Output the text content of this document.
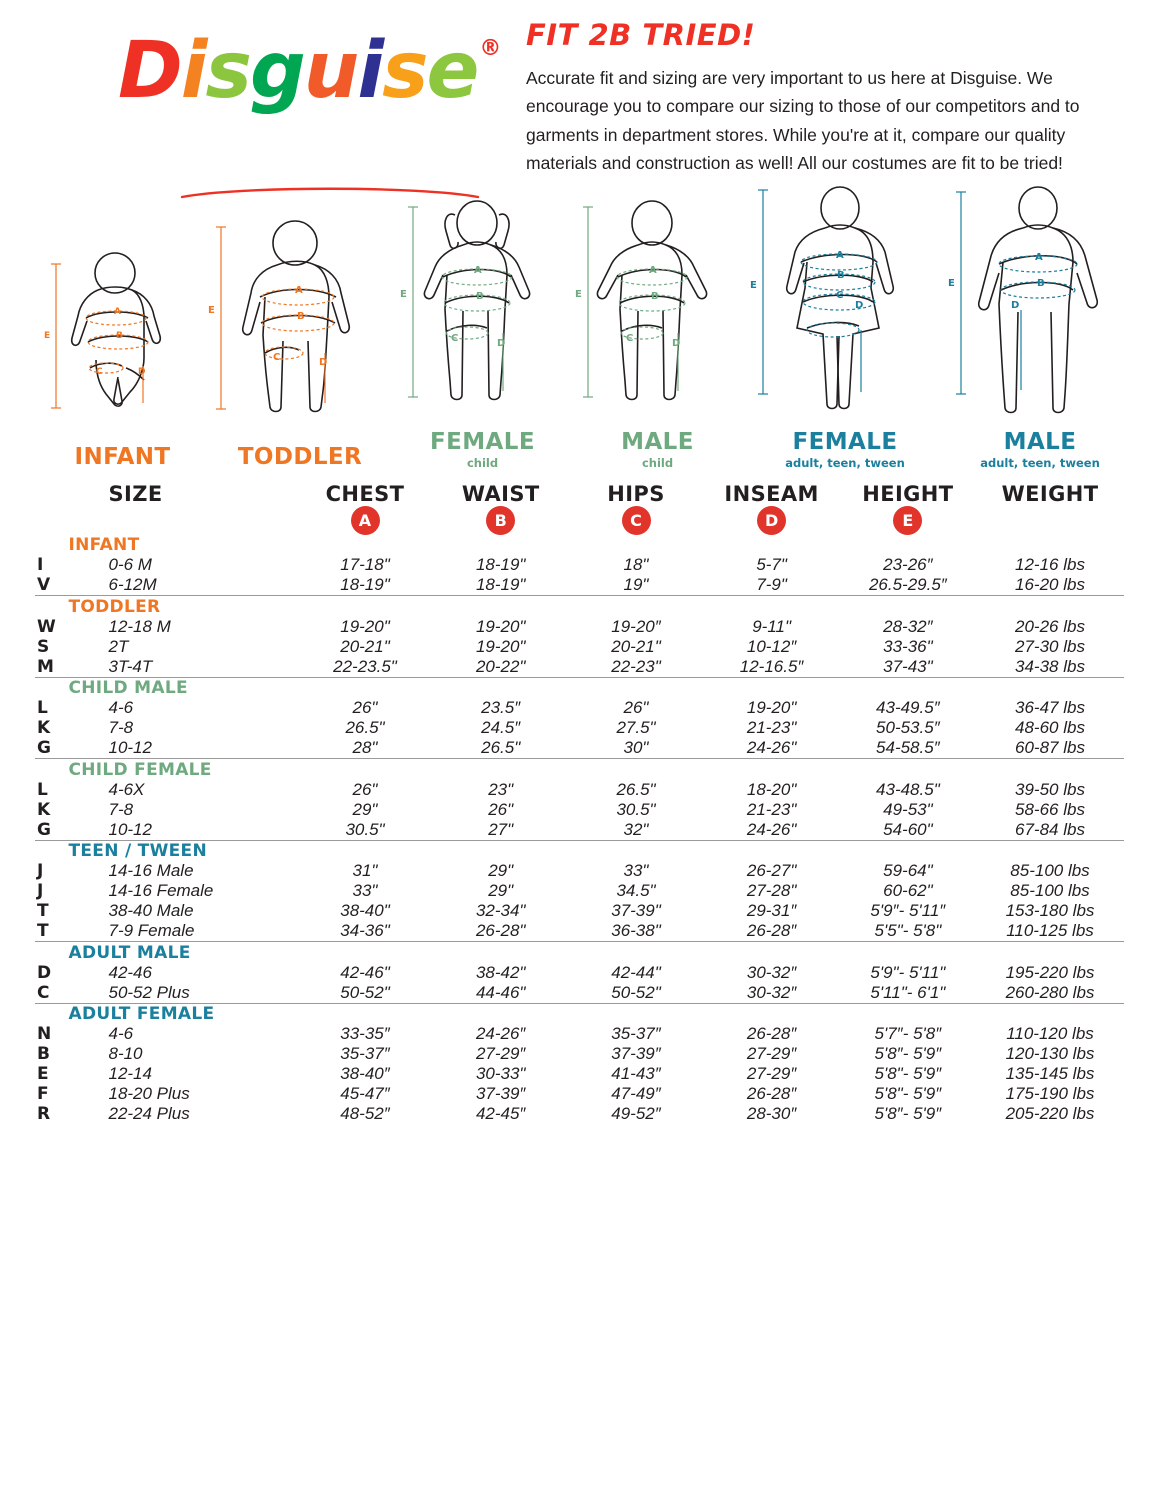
Disguise® FIT 2B TRIED!
Accurate fit and sizing are very important to us here at Disguise. We encourage you to compare our sizing to those of our competitors and to garments in department stores. While you're at it, compare our quality materials and construction as well! All our costumes are fit to be tried!
A
B
C	D
E
INFANT
A
B
C	D
E
TODDLER
A
B
C	D
E
FEMALE
child
A
B
C	D
E
MALE
child
A
B
C
D
E
FEMALE
adult, teen, tween
A
B
D
E
MALE
adult, teen, tween
	SIZE	CHEST	WAIST	HIPS	INSEAM	HEIGHT	WEIGHT
		A	B	C	D	E	
	INFANT						
I	0-6 M	17-18"	18-19"	18"	5-7"	23-26″	12-16 lbs
V	6-12M	18-19"	18-19"	19"	7-9"	26.5-29.5″	16-20 lbs

	TODDLER						
W	12-18 M	19-20"	19-20"	19-20″	9-11"	28-32″	20-26 lbs
S	2T	20-21"	19-20"	20-21"	10-12″	33-36"	27-30 lbs
M	3T-4T	22-23.5"	20-22"	22-23"	12-16.5″	37-43"	34-38 lbs

	CHILD MALE						
L	4-6	26"	23.5″	26"	19-20"	43-49.5″	36-47 lbs
K	7-8	26.5"	24.5″	27.5"	21-23"	50-53.5″	48-60 lbs
G	10-12	28"	26.5"	30"	24-26"	54-58.5″	60-87 lbs

	CHILD FEMALE						
L	4-6X	26"	23"	26.5"	18-20"	43-48.5"	39-50 lbs
K	7-8	29"	26"	30.5"	21-23"	49-53"	58-66 lbs
G	10-12	30.5"	27"	32"	24-26"	54-60"	67-84 lbs

	TEEN / TWEEN						
J	14-16 Male	31"	29"	33"	26-27"	59-64"	85-100 lbs
J	14-16 Female	33"	29"	34.5"	27-28"	60-62"	85-100 lbs
T	38-40 Male	38-40"	32-34"	37-39"	29-31″	5'9″- 5'11″	153-180 lbs
T	7-9 Female	34-36"	26-28"	36-38"	26-28″	5'5"- 5'8"	110-125 lbs

	ADULT MALE						
D	42-46	42-46"	38-42"	42-44"	30-32″	5'9"- 5'11"	195-220 lbs
C	50-52 Plus	50-52"	44-46"	50-52"	30-32″	5'11"- 6'1"	260-280 lbs

	ADULT FEMALE						
N	4-6	33-35″	24-26″	35-37″	26-28″	5'7″- 5'8″	110-120 lbs
B	8-10	35-37″	27-29″	37-39″	27-29″	5'8″- 5'9″	120-130 lbs
E	12-14	38-40″	30-33"	41-43″	27-29″	5'8"- 5'9″	135-145 lbs
F	18-20 Plus	45-47″	37-39″	47-49″	26-28″	5'8"- 5'9″	175-190 lbs
R	22-24 Plus	48-52″	42-45″	49-52″	28-30″	5'8″- 5'9″	205-220 lbs
